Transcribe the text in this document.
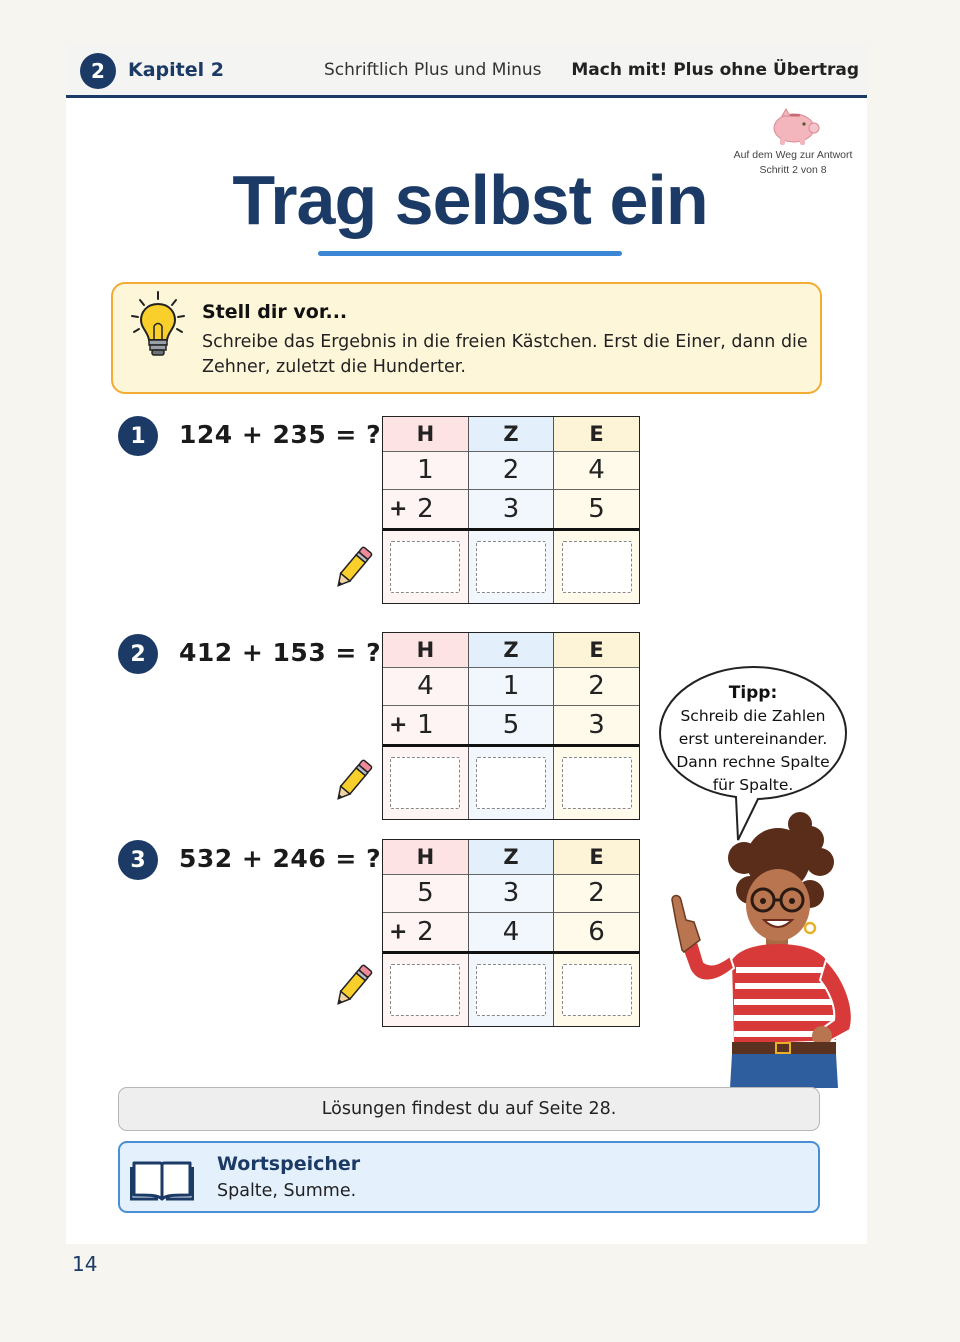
2	Kapitel 2	Schriftlich Plus und Minus Mach mit! Plus ohne Übertrag
Auf dem Weg zur Antwort
Schritt 2 von 8
Trag selbst ein
Stell dir vor...
Schreibe das Ergebnis in die freien Kästchen. Erst die Einer, dann die Zehner, zuletzt die Hunderter.
1	124 + 235 = ? H	Z	E
1	2	4

+ 2	3	5

2	412 + 153 = ? H	Z	E
4	1	2

+ 1	5	3

3	532 + 246 = ? H	Z	E
5	3	2

+ 2	4	6

Tipp:
Schreib die Zahlen
erst untereinander.
Dann rechne Spalte
für Spalte.
Lösungen findest du auf Seite 28.
Wortspeicher
Spalte, Summe.
14
